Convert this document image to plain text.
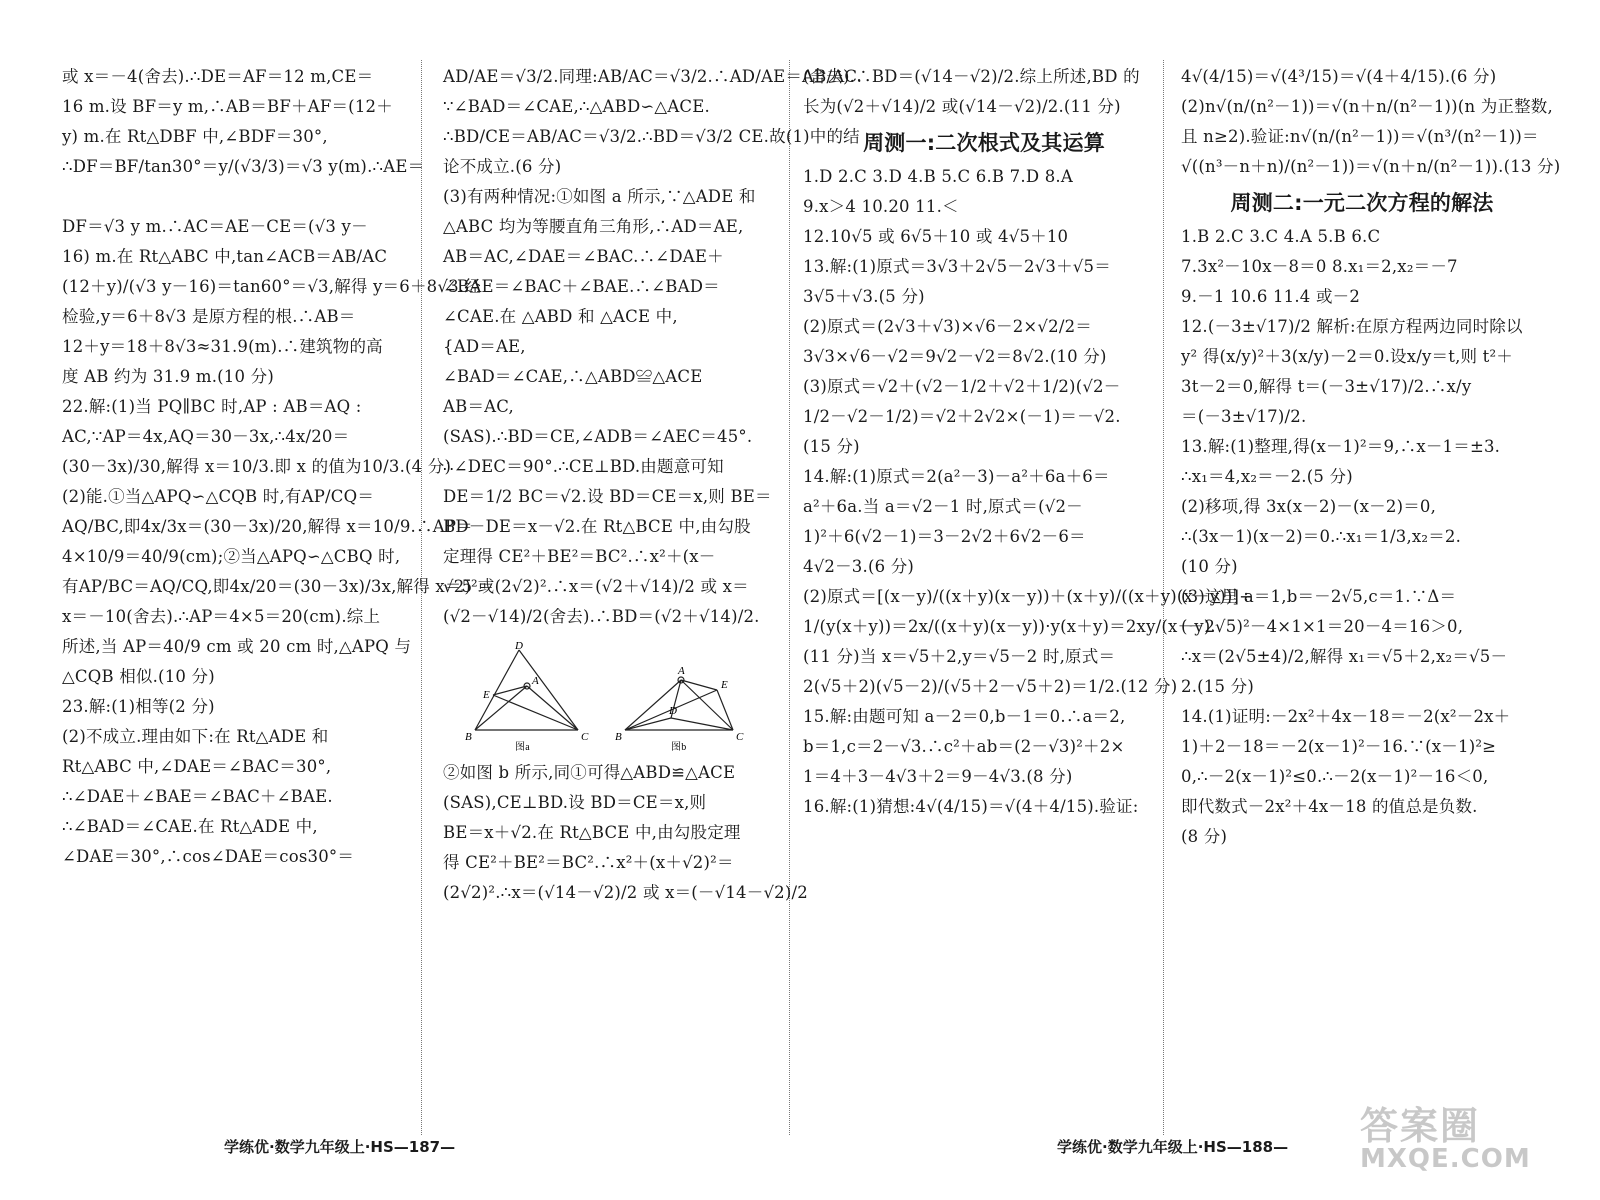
或 x＝－4(舍去).∴DE＝AF＝12 m,CE＝

16 m.设 BF＝y m,∴AB＝BF＋AF＝(12＋

y) m.在 Rt△DBF 中,∠BDF＝30°,

∴DF＝BF/tan30°＝y/(√3/3)＝√3 y(m).∴AE＝

DF＝√3 y m.∴AC＝AE－CE＝(√3 y－

16) m.在 Rt△ABC 中,tan∠ACB＝AB/AC

(12＋y)/(√3 y－16)＝tan60°＝√3,解得 y＝6＋8√3.经

检验,y＝6＋8√3 是原方程的根.∴AB＝

12＋y＝18＋8√3≈31.9(m).∴建筑物的高

度 AB 约为 31.9 m.(10 分)

22.解:(1)当 PQ∥BC 时,AP : AB＝AQ :

AC,∵AP＝4x,AQ＝30－3x,∴4x/20＝

(30－3x)/30,解得 x＝10/3.即 x 的值为10/3.(4 分)

(2)能.①当△APQ∽△CQB 时,有AP/CQ＝

AQ/BC,即4x/3x＝(30－3x)/20,解得 x＝10/9.∴AP＝

4×10/9＝40/9(cm);②当△APQ∽△CBQ 时,

有AP/BC＝AQ/CQ,即4x/20＝(30－3x)/3x,解得 x＝5 或

x＝－10(舍去).∴AP＝4×5＝20(cm).综上

所述,当 AP＝40/9 cm 或 20 cm 时,△APQ 与

△CQB 相似.(10 分)

23.解:(1)相等(2 分)

(2)不成立.理由如下:在 Rt△ADE 和

Rt△ABC 中,∠DAE＝∠BAC＝30°,

∴∠DAE＋∠BAE＝∠BAC＋∠BAE.

∴∠BAD＝∠CAE.在 Rt△ADE 中,

∠DAE＝30°,∴cos∠DAE＝cos30°＝

AD/AE＝√3/2.同理:AB/AC＝√3/2.∴AD/AE＝AB/AC.

∵∠BAD＝∠CAE,∴△ABD∽△ACE.

∴BD/CE＝AB/AC＝√3/2.∴BD＝√3/2 CE.故(1)中的结

论不成立.(6 分)

(3)有两种情况:①如图 a 所示,∵△ADE 和

△ABC 均为等腰直角三角形,∴AD＝AE,

AB＝AC,∠DAE＝∠BAC.∴∠DAE＋

∠BAE＝∠BAC＋∠BAE.∴∠BAD＝

∠CAE.在 △ABD 和 △ACE 中,

{AD＝AE,

∠BAD＝∠CAE,∴△ABD≌△ACE

AB＝AC,

(SAS).∴BD＝CE,∠ADB＝∠AEC＝45°.

∴∠DEC＝90°.∴CE⊥BD.由题意可知

DE＝1/2 BC＝√2.设 BD＝CE＝x,则 BE＝

BD－DE＝x－√2.在 Rt△BCE 中,由勾股

定理得 CE²＋BE²＝BC².∴x²＋(x－

√2)²＝(2√2)².∴x＝(√2＋√14)/2 或 x＝

(√2－√14)/2(舍去).∴BD＝(√2＋√14)/2.

D
E
A
B	C
图a
A
E
D
B	C
图b

②如图 b 所示,同①可得△ABD≌△ACE

(SAS),CE⊥BD.设 BD＝CE＝x,则

BE＝x＋√2.在 Rt△BCE 中,由勾股定理

得 CE²＋BE²＝BC².∴x²＋(x＋√2)²＝

(2√2)².∴x＝(√14－√2)/2 或 x＝(－√14－√2)/2

(舍去).∴BD＝(√14－√2)/2.综上所述,BD 的

长为(√2＋√14)/2 或(√14－√2)/2.(11 分)

周测一:二次根式及其运算

1.D 2.C 3.D 4.B 5.C 6.B 7.D 8.A

9.x＞4 10.20 11.＜

12.10√5 或 6√5＋10 或 4√5＋10

13.解:(1)原式＝3√3＋2√5－2√3＋√5＝

3√5＋√3.(5 分)

(2)原式＝(2√3＋√3)×√6－2×√2/2＝

3√3×√6－√2＝9√2－√2＝8√2.(10 分)

(3)原式＝√2＋(√2－1/2＋√2＋1/2)(√2－

1/2－√2－1/2)＝√2＋2√2×(－1)＝－√2.

(15 分)

14.解:(1)原式＝2(a²－3)－a²＋6a＋6＝

a²＋6a.当 a＝√2－1 时,原式＝(√2－

1)²＋6(√2－1)＝3－2√2＋6√2－6＝

4√2－3.(6 分)

(2)原式＝[(x－y)/((x＋y)(x－y))＋(x＋y)/((x＋y)(x－y))]÷

1/(y(x＋y))＝2x/((x＋y)(x－y))·y(x＋y)＝2xy/(x－y).

(11 分)当 x＝√5＋2,y＝√5－2 时,原式＝

2(√5＋2)(√5－2)/(√5＋2－√5＋2)＝1/2.(12 分)

15.解:由题可知 a－2＝0,b－1＝0.∴a＝2,

b＝1,c＝2－√3.∴c²＋ab＝(2－√3)²＋2×

1＝4＋3－4√3＋2＝9－4√3.(8 分)

16.解:(1)猜想:4√(4/15)＝√(4＋4/15).验证:

4√(4/15)＝√(4³/15)＝√(4＋4/15).(6 分)

(2)n√(n/(n²－1))＝√(n＋n/(n²－1))(n 为正整数,

且 n≥2).验证:n√(n/(n²－1))＝√(n³/(n²－1))＝

√((n³－n＋n)/(n²－1))＝√(n＋n/(n²－1)).(13 分)

周测二:一元二次方程的解法

1.B 2.C 3.C 4.A 5.B 6.C

7.3x²－10x－8＝0 8.x₁＝2,x₂＝－7

9.－1 10.6 11.4 或－2

12.(－3±√17)/2 解析:在原方程两边同时除以

y² 得(x/y)²＋3(x/y)－2＝0.设x/y＝t,则 t²＋

3t－2＝0,解得 t＝(－3±√17)/2.∴x/y

＝(－3±√17)/2.

13.解:(1)整理,得(x－1)²＝9,∴x－1＝±3.

∴x₁＝4,x₂＝－2.(5 分)

(2)移项,得 3x(x－2)－(x－2)＝0,

∴(3x－1)(x－2)＝0.∴x₁＝1/3,x₂＝2.

(10 分)

(3)这里 a＝1,b＝－2√5,c＝1.∵Δ＝

(－2√5)²－4×1×1＝20－4＝16＞0,

∴x＝(2√5±4)/2,解得 x₁＝√5＋2,x₂＝√5－

2.(15 分)

14.(1)证明:－2x²＋4x－18＝－2(x²－2x＋

1)＋2－18＝－2(x－1)²－16.∵(x－1)²≥

0,∴－2(x－1)²≤0.∴－2(x－1)²－16＜0,

即代数式－2x²＋4x－18 的值总是负数.

(8 分)

学练优·数学九年级上·HS—187—	学练优·数学九年级上·HS—188— 答案圈
MXQE.COM
